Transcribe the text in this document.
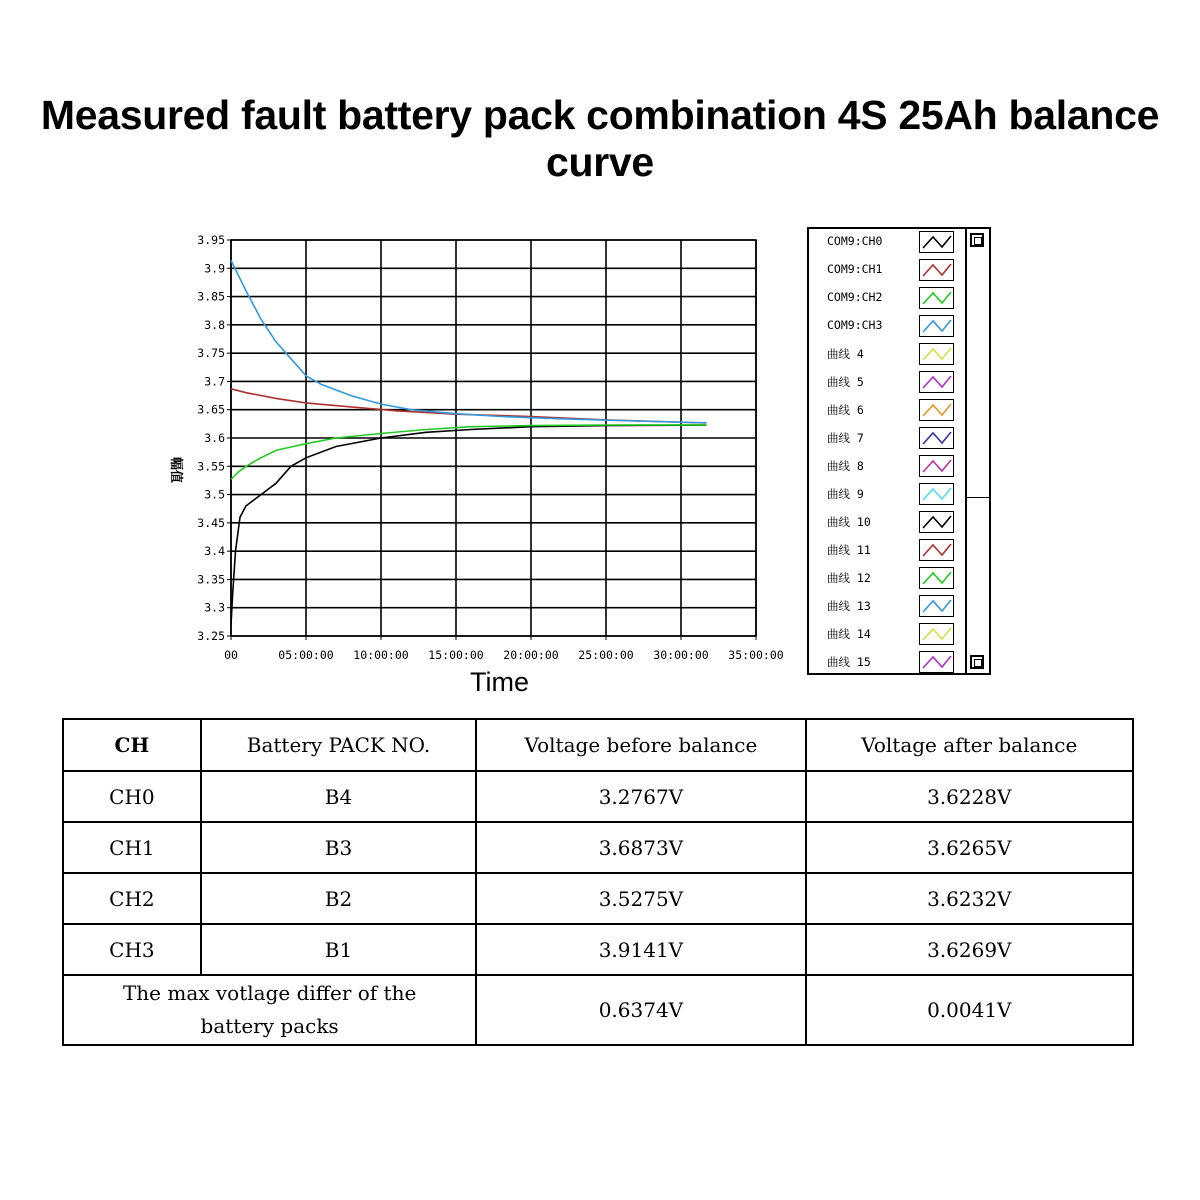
Measured fault battery pack combination 4S 25Ah balance curve
3.95
3.9
3.85
3.8
3.75
3.7
3.65
3.6
3.55
3.5
3.45
3.4
3.35
3.3
3.25
00	05:00:00 10:00:00 15:00:00 20:00:00 25:00:00 30:00:00 35:00:00
幅值
Time
COM9:CH0
COM9:CH1
COM9:CH2
COM9:CH3
曲线 4
曲线 5
曲线 6
曲线 7
曲线 8
曲线 9
曲线 10
曲线 11
曲线 12
曲线 13
曲线 14
曲线 15
CH	Battery PACK NO.	Voltage before balance	Voltage after balance
CH0	B4	3.2767V	3.6228V
CH1	B3	3.6873V	3.6265V
CH2	B2	3.5275V	3.6232V
CH3	B1	3.9141V	3.6269V
The max votlage differ of the
battery packs		0.6374V	0.0041V
